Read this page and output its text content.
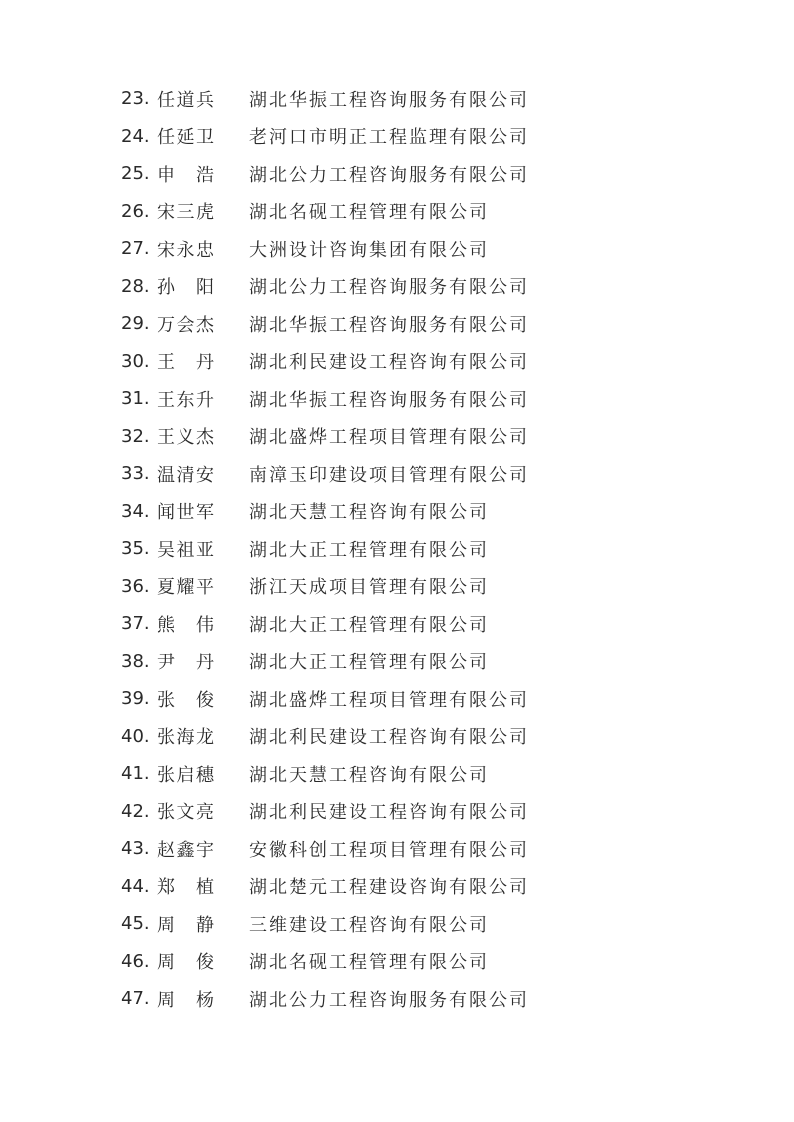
23. 任道兵	湖北华振工程咨询服务有限公司
24. 任延卫	老河口市明正工程监理有限公司
25. 申　浩	湖北公力工程咨询服务有限公司
26. 宋三虎	湖北名砚工程管理有限公司
27. 宋永忠	大洲设计咨询集团有限公司
28. 孙　阳	湖北公力工程咨询服务有限公司
29. 万会杰	湖北华振工程咨询服务有限公司
30. 王　丹	湖北利民建设工程咨询有限公司
31. 王东升	湖北华振工程咨询服务有限公司
32. 王义杰	湖北盛烨工程项目管理有限公司
33. 温清安	南漳玉印建设项目管理有限公司
34. 闻世军	湖北天慧工程咨询有限公司
35. 吴祖亚	湖北大正工程管理有限公司
36. 夏耀平	浙江天成项目管理有限公司
37. 熊　伟	湖北大正工程管理有限公司
38. 尹　丹	湖北大正工程管理有限公司
39. 张　俊	湖北盛烨工程项目管理有限公司
40. 张海龙	湖北利民建设工程咨询有限公司
41. 张启穗	湖北天慧工程咨询有限公司
42. 张文亮	湖北利民建设工程咨询有限公司
43. 赵鑫宇	安徽科创工程项目管理有限公司
44. 郑　植	湖北楚元工程建设咨询有限公司
45. 周　静	三维建设工程咨询有限公司
46. 周　俊	湖北名砚工程管理有限公司
47. 周　杨	湖北公力工程咨询服务有限公司
